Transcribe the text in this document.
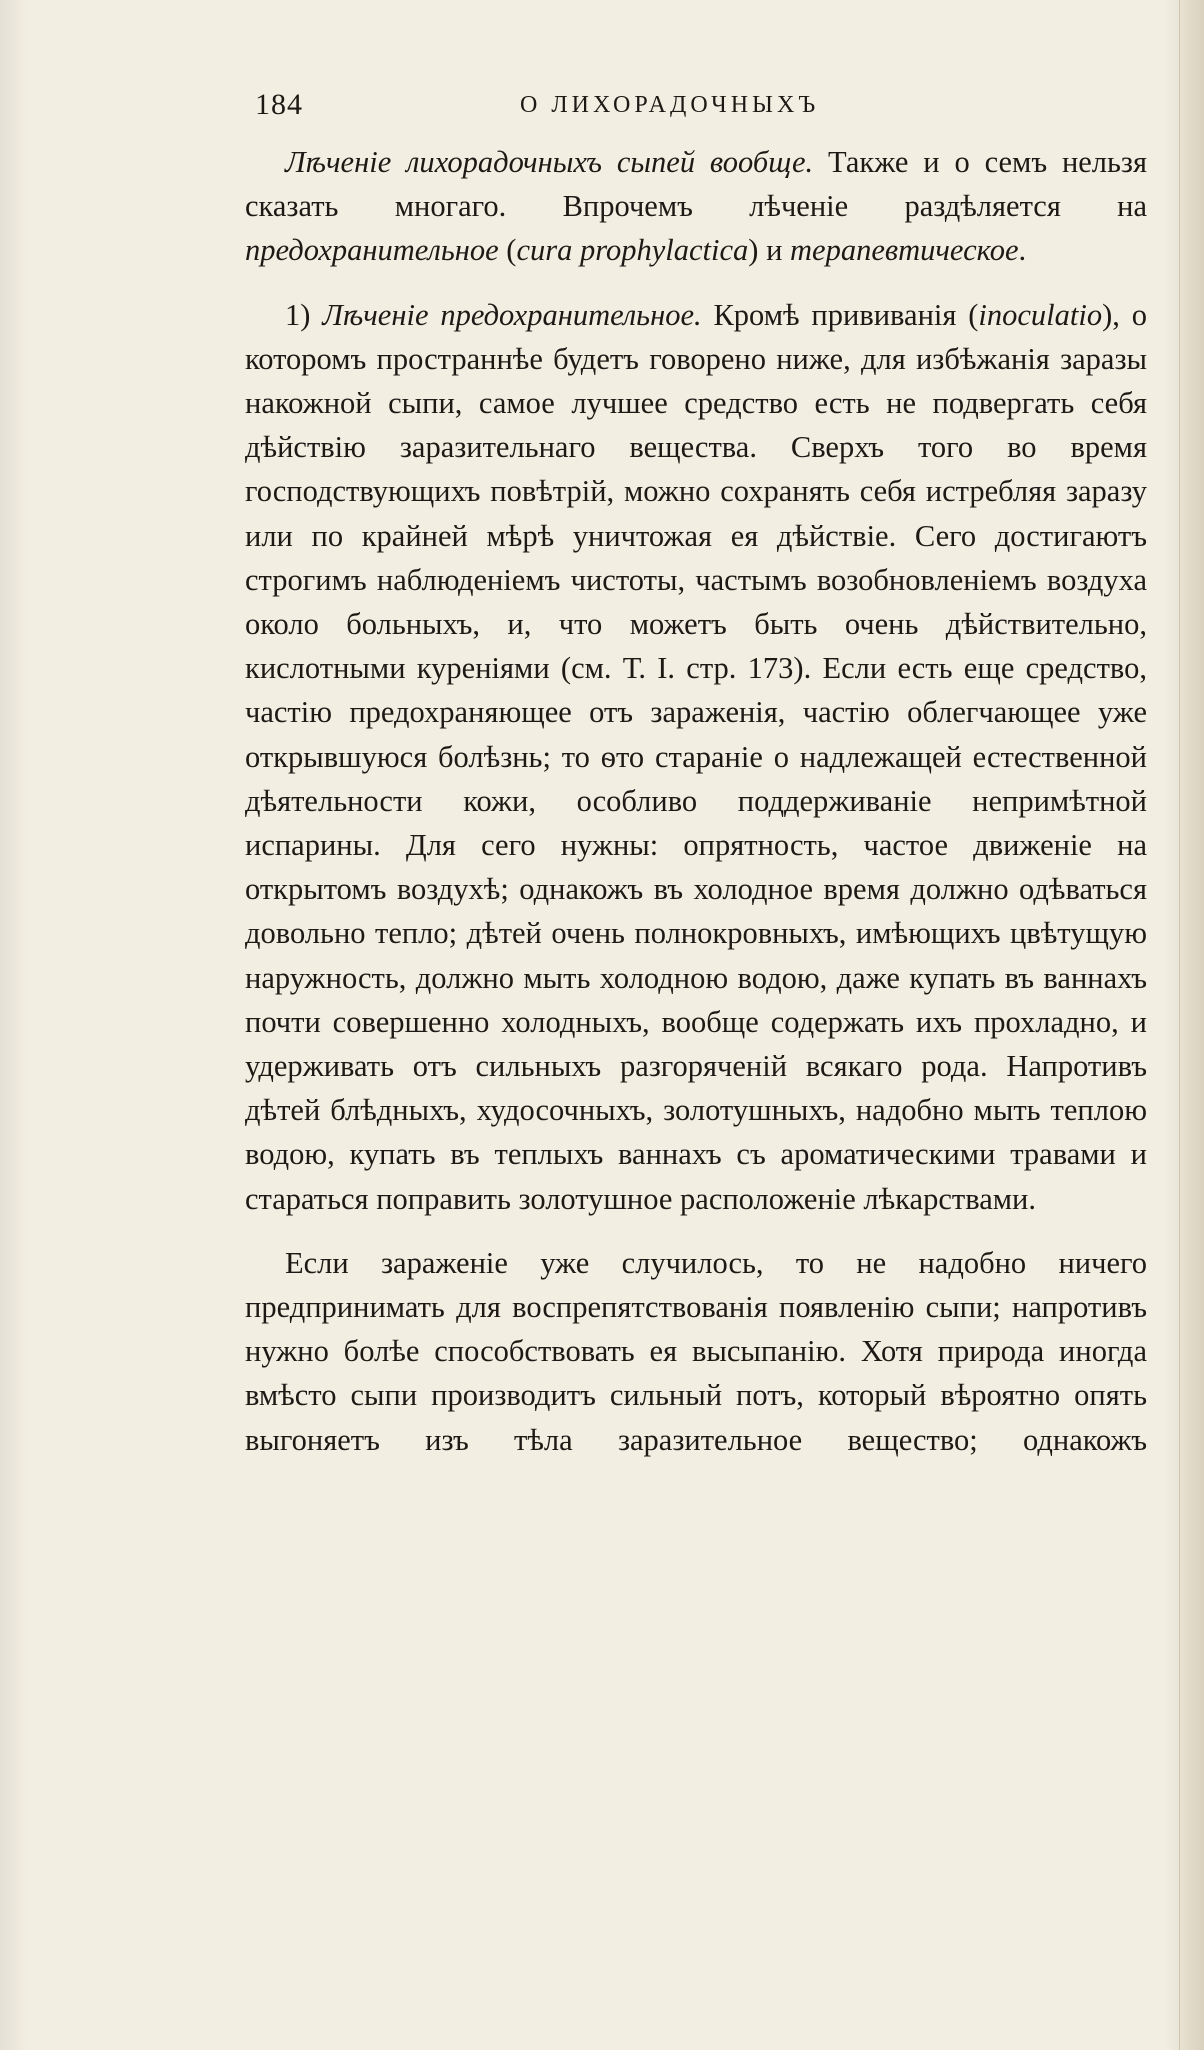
184	О ЛИХОРАДОЧНЫХЪ

Лѣченіе лихорадочныхъ сыпей вообще. Также и о семъ нельзя сказать многаго. Впрочемъ лѣченіе раздѣляется на предохранительное (cura prophylactica) и терапевтическое.

1) Лѣченіе предохранительное. Кромѣ прививанія (inoculatio), о которомъ пространнѣе будетъ говорено ниже, для избѣжанія заразы накожной сыпи, самое лучшее средство есть не подвергать себя дѣйствію заразительнаго вещества. Сверхъ того во время господствующихъ повѣтрій, можно сохранять себя истребляя заразу или по крайней мѣрѣ уничтожая ея дѣйствіе. Сего достигаютъ строгимъ наблюденіемъ чистоты, частымъ возобновленіемъ воздуха около больныхъ, и, что можетъ быть очень дѣйствительно, кислотными куреніями (см. Т. I. стр. 173). Если есть еще средство, частію предохраняющее отъ зараженія, частію облегчающее уже открывшуюся болѣзнь; то ѳто стараніе о надлежащей естественной дѣятельности кожи, особливо поддерживаніе непримѣтной испарины. Для сего нужны: опрятность, частое движеніе на открытомъ воздухѣ; однакожъ въ холодное время должно одѣваться довольно тепло; дѣтей очень полнокровныхъ, имѣющихъ цвѣтущую наружность, должно мыть холодною водою, даже купать въ ваннахъ почти совершенно холодныхъ, вообще содержать ихъ прохладно, и удерживать отъ сильныхъ разгоряченій всякаго рода. Напротивъ дѣтей блѣдныхъ, худосочныхъ, золотушныхъ, надобно мыть теплою водою, купать въ теплыхъ ваннахъ съ ароматическими травами и стараться поправить золотушное расположеніе лѣкарствами.

Если зараженіе уже случилось, то не надобно ничего предпринимать для воспрепятствованія появленію сыпи; напротивъ нужно болѣе способствовать ея высыпанію. Хотя природа иногда вмѣсто сыпи производитъ сильный потъ, который вѣроятно опять выгоняетъ изъ тѣла заразительное вещество; однакожъ
